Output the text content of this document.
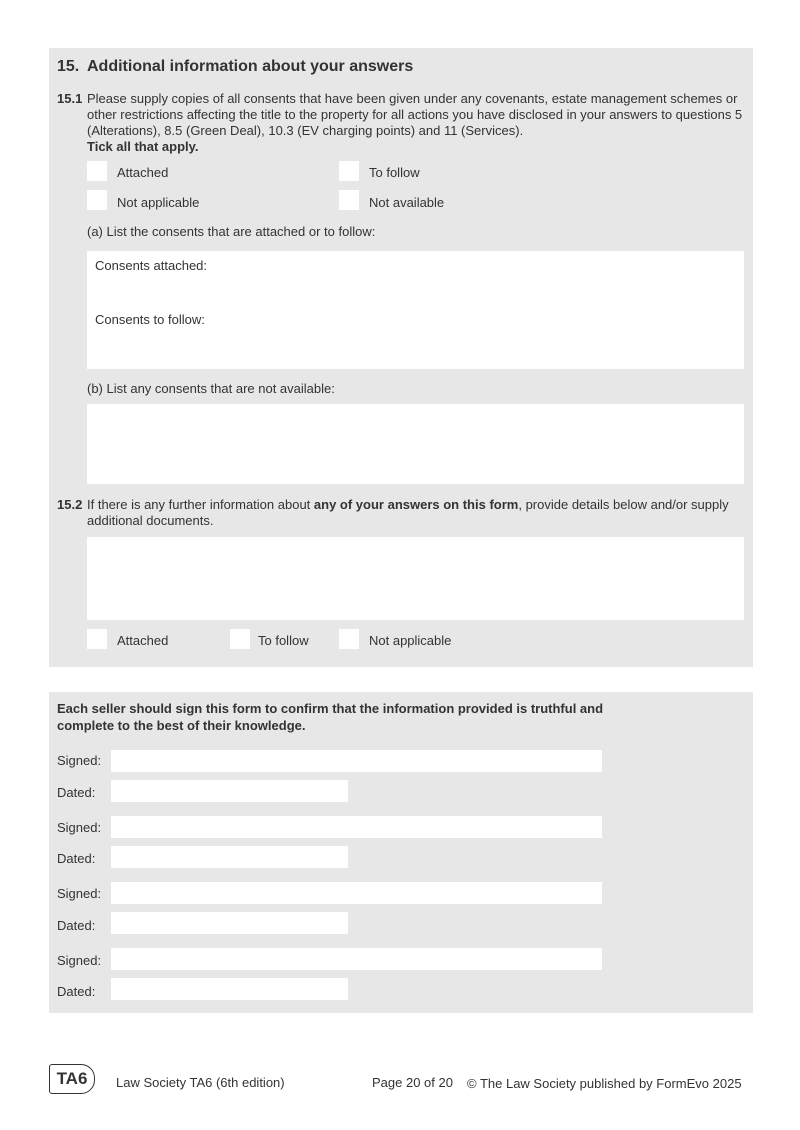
15. Additional information about your answers
15.1 Please supply copies of all consents that have been given under any covenants, estate management schemes or other restrictions affecting the title to the property for all actions you have disclosed in your answers to questions 5 (Alterations), 8.5 (Green Deal), 10.3 (EV charging points) and 11 (Services).
Tick all that apply.
Attached	To follow
Not applicable	Not available
(a) List the consents that are attached or to follow:
Consents attached:
Consents to follow:
(b) List any consents that are not available:
15.2 If there is any further information about any of your answers on this form, provide details below and/or supply additional documents.
Attached	To follow	Not applicable
Each seller should sign this form to confirm that the information provided is truthful and complete to the best of their knowledge.
Signed:
Dated:
Signed:
Dated:
Signed:
Dated:
Signed:
Dated:
TA6	Law Society TA6 (6th edition)	Page 20 of 20 © The Law Society published by FormEvo 2025
